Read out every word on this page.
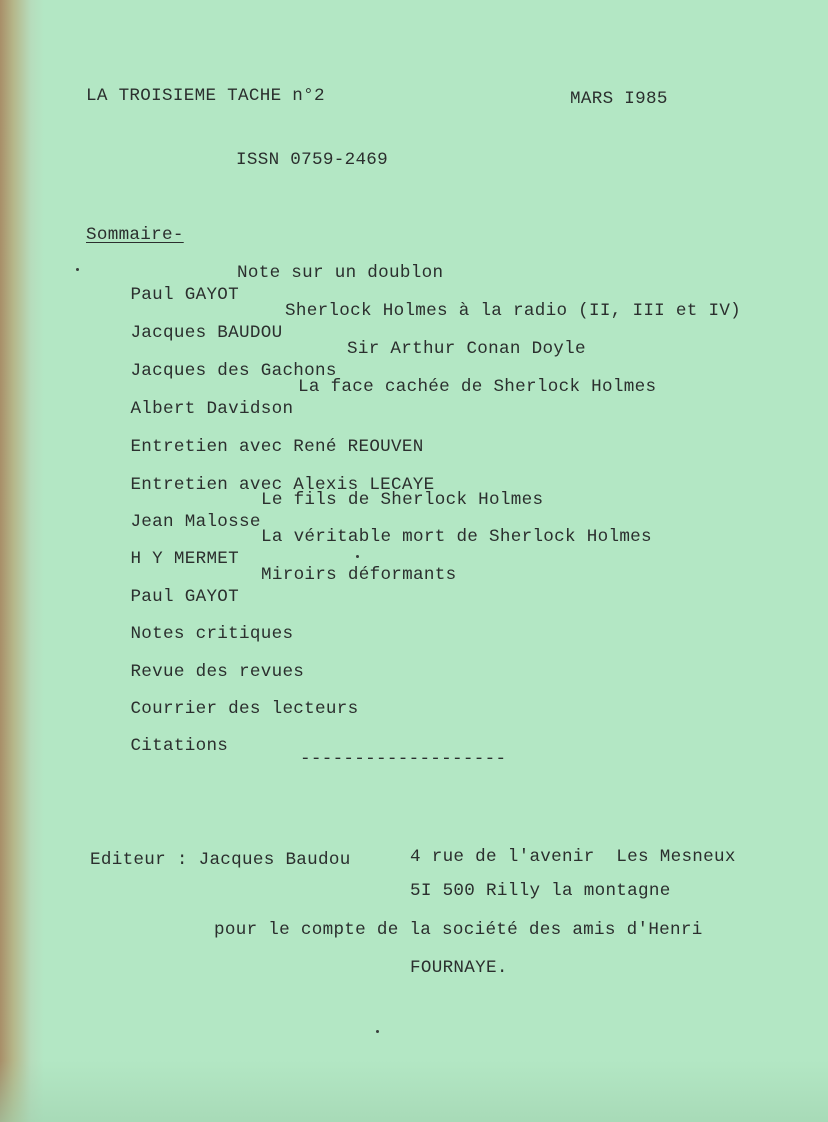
LA TROISIEME TACHE n°2	MARS I985
ISSN 0759-2469
Sommaire-

Paul GAYOT

Note sur un doublon

Jacques BAUDOU

Sherlock Holmes à la radio (II, III et IV)

Jacques des Gachons

Sir Arthur Conan Doyle

Albert Davidson

La face cachée de Sherlock Holmes

Entretien avec René REOUVEN

Entretien avec Alexis LECAYE

Jean Malosse

Le fils de Sherlock Holmes

H Y MERMET

La véritable mort de Sherlock Holmes

Paul GAYOT

Miroirs déformants

Notes critiques

Revue des revues

Courrier des lecteurs

Citations

-------------------
Editeur : Jacques Baudou	4 rue de l'avenir  Les Mesneux
5I 500 Rilly la montagne
pour le compte de la société des amis d'Henri
FOURNAYE.
